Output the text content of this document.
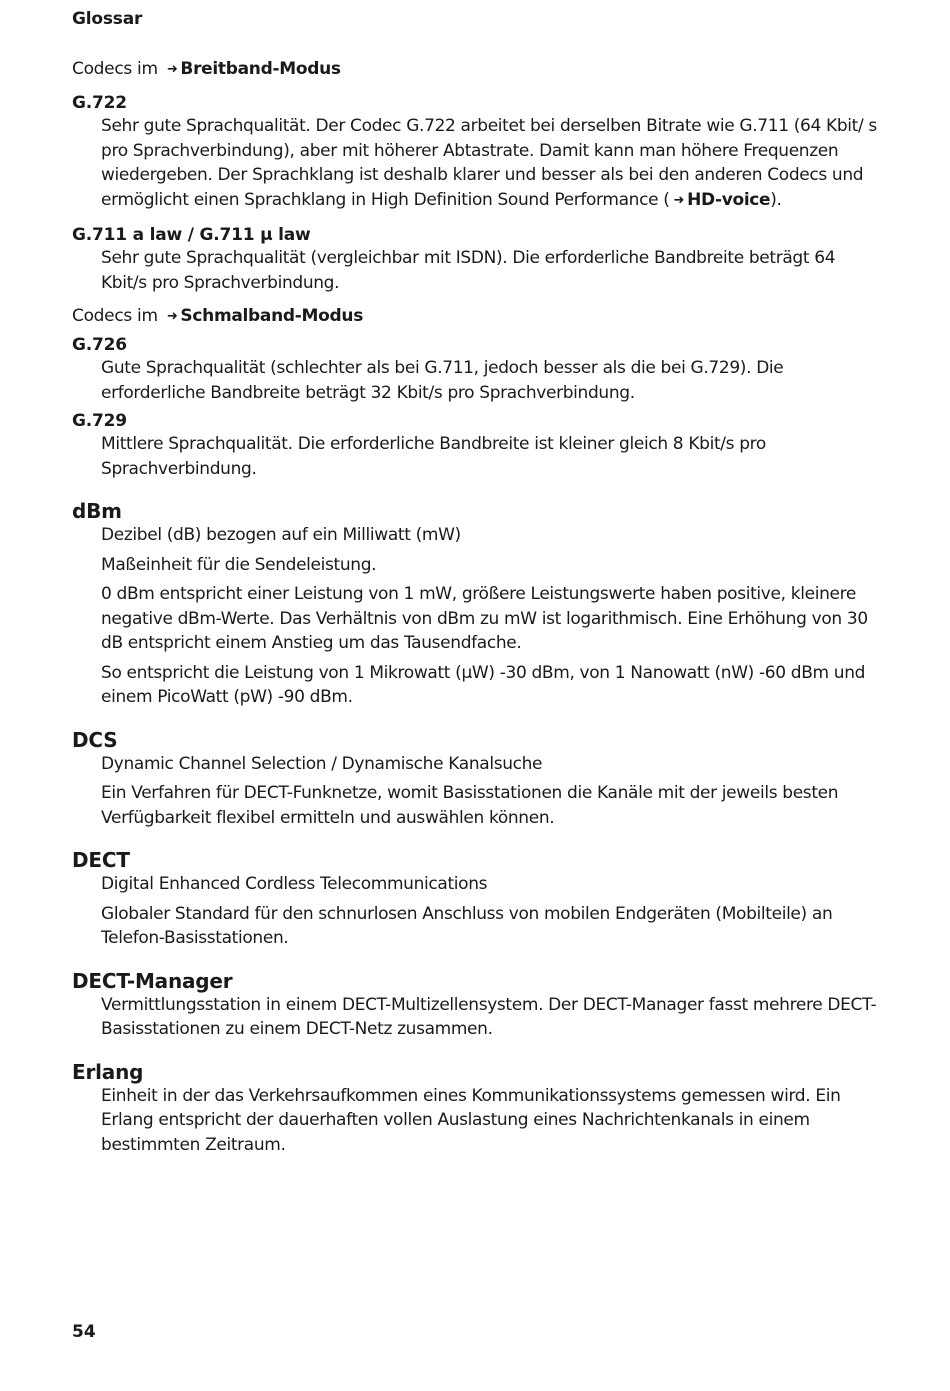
Glossar

Codecs im ➜ Breitband-Modus

G.722

Sehr gute Sprachqualität. Der Codec G.722 arbeitet bei derselben Bitrate wie G.711 (64 Kbit/ s pro Sprachverbindung), aber mit höherer Abtastrate. Damit kann man höhere Frequenzen wiedergeben. Der Sprachklang ist deshalb klarer und besser als bei den anderen Codecs und ermöglicht einen Sprachklang in High Definition Sound Performance ( ➜ HD-voice).

G.711 a law / G.711 μ law

Sehr gute Sprachqualität (vergleichbar mit ISDN). Die erforderliche Bandbreite beträgt 64 Kbit/s pro Sprachverbindung.

Codecs im ➜ Schmalband-Modus

G.726

Gute Sprachqualität (schlechter als bei G.711, jedoch besser als die bei G.729). Die erforderliche Bandbreite beträgt 32 Kbit/s pro Sprachverbindung.

G.729

Mittlere Sprachqualität. Die erforderliche Bandbreite ist kleiner gleich 8 Kbit/s pro Sprachverbindung.

dBm

Dezibel (dB) bezogen auf ein Milliwatt (mW)

Maßeinheit für die Sendeleistung.

0 dBm entspricht einer Leistung von 1 mW, größere Leistungswerte haben positive, kleinere negative dBm-Werte. Das Verhältnis von dBm zu mW ist logarithmisch. Eine Erhöhung von 30 dB entspricht einem Anstieg um das Tausendfache.

So entspricht die Leistung von 1 Mikrowatt (μW) -30 dBm, von 1 Nanowatt (nW) -60 dBm und einem PicoWatt (pW) -90 dBm.

DCS

Dynamic Channel Selection / Dynamische Kanalsuche

Ein Verfahren für DECT-Funknetze, womit Basisstationen die Kanäle mit der jeweils besten Verfügbarkeit flexibel ermitteln und auswählen können.

DECT

Digital Enhanced Cordless Telecommunications

Globaler Standard für den schnurlosen Anschluss von mobilen Endgeräten (Mobilteile) an Telefon-Basisstationen.

DECT-Manager

Vermittlungsstation in einem DECT-Multizellensystem. Der DECT-Manager fasst mehrere DECT-Basisstationen zu einem DECT-Netz zusammen.

Erlang

Einheit in der das Verkehrsaufkommen eines Kommunikationssystems gemessen wird. Ein Erlang entspricht der dauerhaften vollen Auslastung eines Nachrichtenkanals in einem bestimmten Zeitraum.

54
